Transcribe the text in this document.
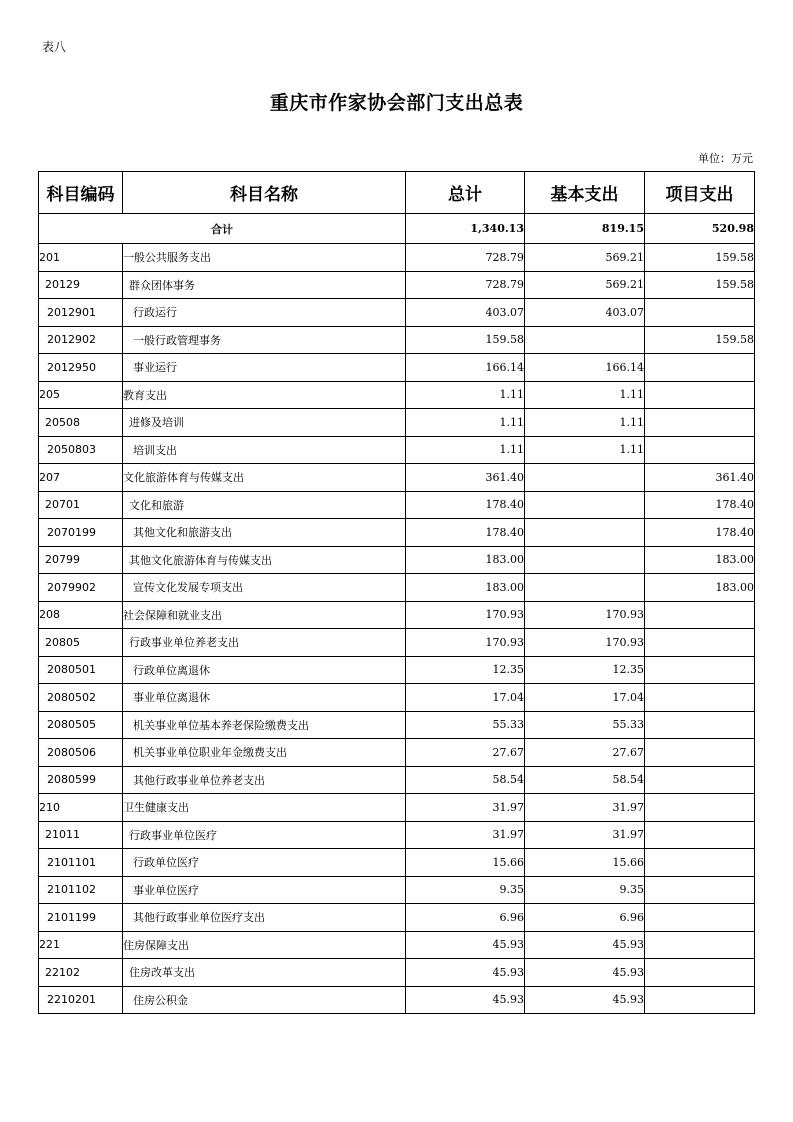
表八
重庆市作家协会部门支出总表
单位：万元
科目编码	科目名称	总计	基本支出	项目支出
合计		1,340.13	819.15	520.98
201	一般公共服务支出	728.79	569.21	159.58
20129	群众团体事务	728.79	569.21	159.58
2012901	行政运行	403.07	403.07	
2012902	一般行政管理事务	159.58		159.58
2012950	事业运行	166.14	166.14	
205	教育支出	1.11	1.11	
20508	进修及培训	1.11	1.11	
2050803	培训支出	1.11	1.11	
207	文化旅游体育与传媒支出	361.40		361.40
20701	文化和旅游	178.40		178.40
2070199	其他文化和旅游支出	178.40		178.40
20799	其他文化旅游体育与传媒支出	183.00		183.00
2079902	宣传文化发展专项支出	183.00		183.00
208	社会保障和就业支出	170.93	170.93	
20805	行政事业单位养老支出	170.93	170.93	
2080501	行政单位离退休	12.35	12.35	
2080502	事业单位离退休	17.04	17.04	
2080505	机关事业单位基本养老保险缴费支出	55.33	55.33	
2080506	机关事业单位职业年金缴费支出	27.67	27.67	
2080599	其他行政事业单位养老支出	58.54	58.54	
210	卫生健康支出	31.97	31.97	
21011	行政事业单位医疗	31.97	31.97	
2101101	行政单位医疗	15.66	15.66	
2101102	事业单位医疗	9.35	9.35	
2101199	其他行政事业单位医疗支出	6.96	6.96	
221	住房保障支出	45.93	45.93	
22102	住房改革支出	45.93	45.93	
2210201	住房公积金	45.93	45.93	
